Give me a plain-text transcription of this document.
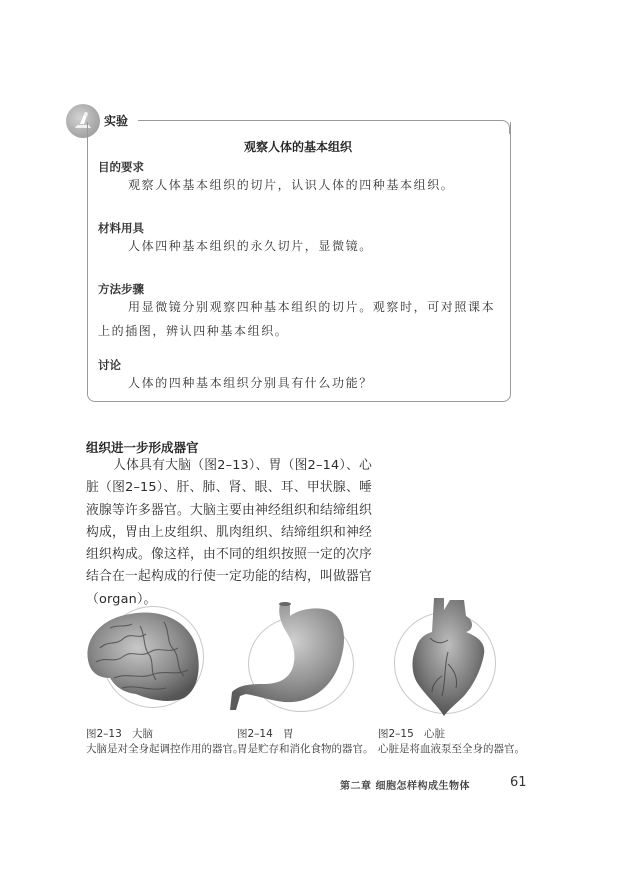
实验
观察人体的基本组织
目的要求
观察人体基本组织的切片，认识人体的四种基本组织。
材料用具
人体四种基本组织的永久切片，显微镜。
方法步骤
用显微镜分别观察四种基本组织的切片。观察时，可对照课本上的插图，辨认四种基本组织。
讨论
人体的四种基本组织分别具有什么功能？
组织进一步形成器官
人体具有大脑（图2–13）、胃（图2–14）、心脏（图2–15）、肝、肺、肾、眼、耳、甲状腺、唾液腺等许多器官。大脑主要由神经组织和结缔组织构成，胃由上皮组织、肌肉组织、结缔组织和神经组织构成。像这样，由不同的组织按照一定的次序结合在一起构成的行使一定功能的结构，叫做器官（organ）。
图2–13 大脑
大脑是对全身起调控作用的器官。
图2–14 胃
胃是贮存和消化食物的器官。
图2–15 心脏
心脏是将血液泵至全身的器官。
第二章 细胞怎样构成生物体	61
